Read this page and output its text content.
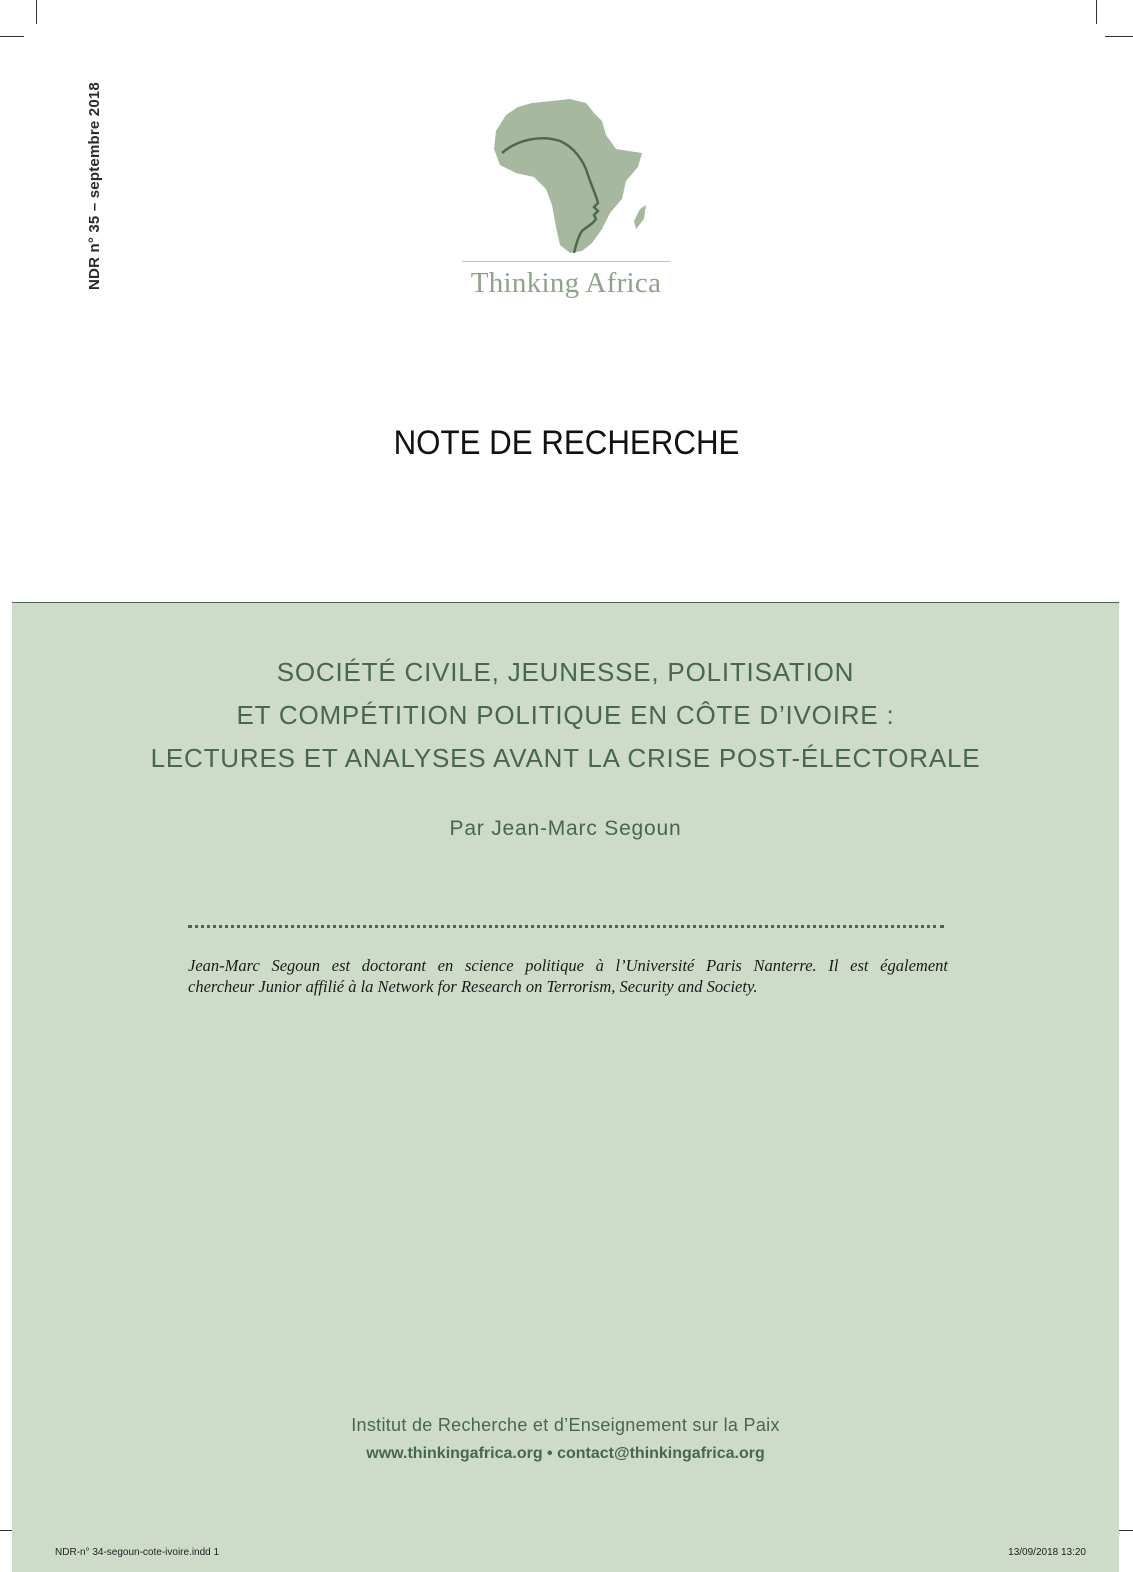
NDR n° 35 – septembre 2018	Thinking Africa
NOTE DE RECHERCHE
SOCIÉTÉ CIVILE, JEUNESSE, POLITISATION
ET COMPÉTITION POLITIQUE EN CÔTE D’IVOIRE :
LECTURES ET ANALYSES AVANT LA CRISE POST-ÉLECTORALE
Par Jean-Marc Segoun
Jean-Marc Segoun est doctorant en science politique à l’Université Paris Nanterre. Il est également
chercheur Junior affilié à la Network for Research on Terrorism, Security and Society.
Institut de Recherche et d’Enseignement sur la Paix
www.thinkingafrica.org • contact@thinkingafrica.org
NDR-n° 34-segoun-cote-ivoire.indd 1	13/09/2018 13:20
